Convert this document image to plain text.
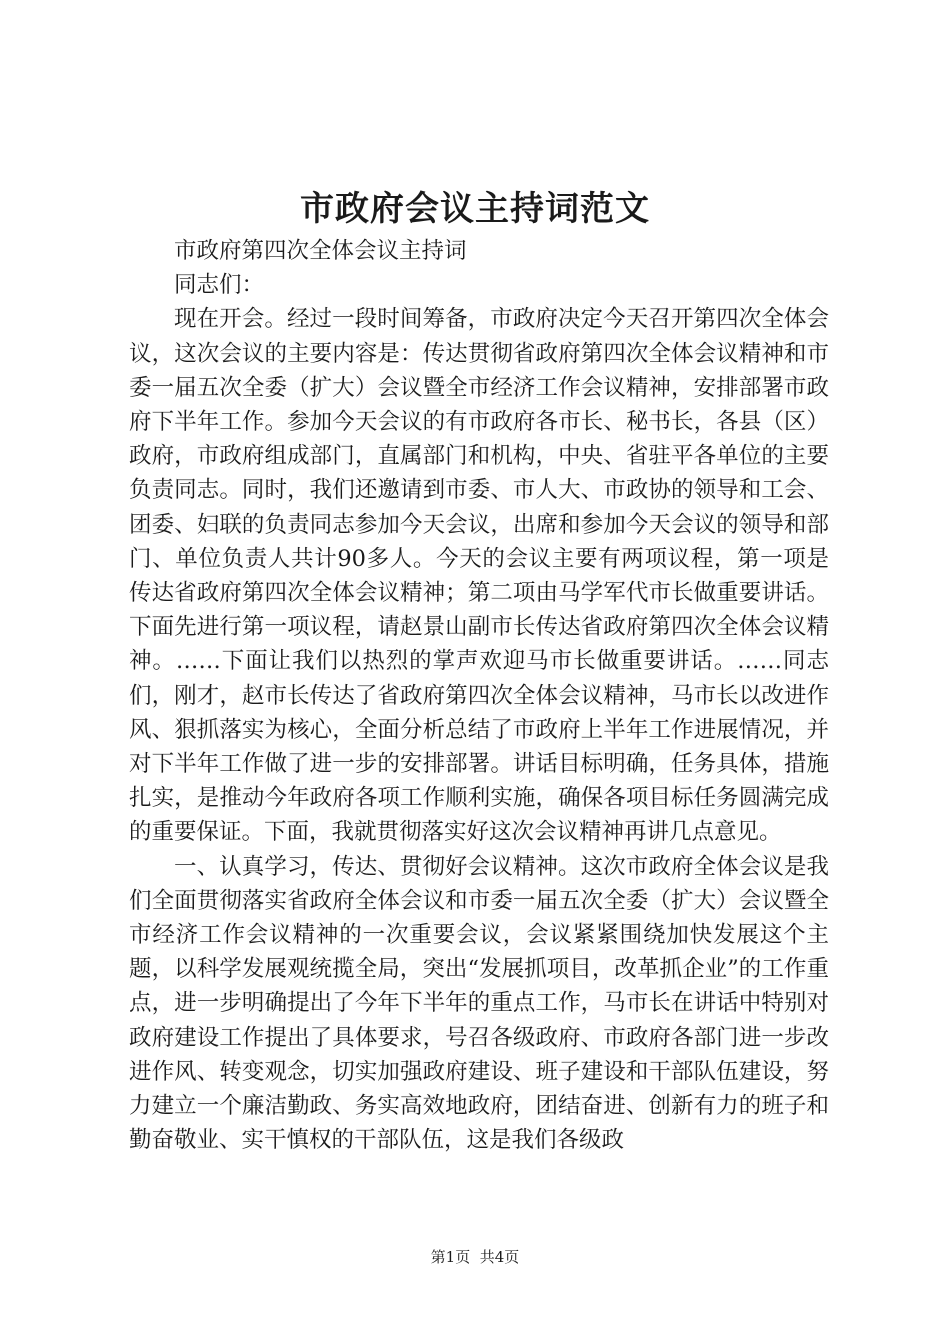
市政府会议主持词范文

市政府第四次全体会议主持词

同志们：

现在开会。经过一段时间筹备，市政府决定今天召开第四次全体会议，这次会议的主要内容是：传达贯彻省政府第四次全体会议精神和市委一届五次全委（扩大）会议暨全市经济工作会议精神，安排部署市政府下半年工作。参加今天会议的有市政府各市长、秘书长，各县（区）政府，市政府组成部门，直属部门和机构，中央、省驻平各单位的主要负责同志。同时，我们还邀请到市委、市人大、市政协的领导和工会、团委、妇联的负责同志参加今天会议，出席和参加今天会议的领导和部门、单位负责人共计90多人。今天的会议主要有两项议程，第一项是传达省政府第四次全体会议精神；第二项由马学军代市长做重要讲话。下面先进行第一项议程，请赵景山副市长传达省政府第四次全体会议精神。……下面让我们以热烈的掌声欢迎马市长做重要讲话。……同志们，刚才，赵市长传达了省政府第四次全体会议精神，马市长以改进作风、狠抓落实为核心，全面分析总结了市政府上半年工作进展情况，并对下半年工作做了进一步的安排部署。讲话目标明确，任务具体，措施扎实，是推动今年政府各项工作顺利实施，确保各项目标任务圆满完成的重要保证。下面，我就贯彻落实好这次会议精神再讲几点意见。

一、认真学习，传达、贯彻好会议精神。这次市政府全体会议是我们全面贯彻落实省政府全体会议和市委一届五次全委（扩大）会议暨全市经济工作会议精神的一次重要会议，会议紧紧围绕加快发展这个主题，以科学发展观统揽全局，突出“发展抓项目，改革抓企业”的工作重点，进一步明确提出了今年下半年的重点工作，马市长在讲话中特别对政府建设工作提出了具体要求，号召各级政府、市政府各部门进一步改进作风、转变观念，切实加强政府建设、班子建设和干部队伍建设，努力建立一个廉洁勤政、务实高效地政府，团结奋进、创新有力的班子和勤奋敬业、实干慎权的干部队伍，这是我们各级政

第1页 共4页
